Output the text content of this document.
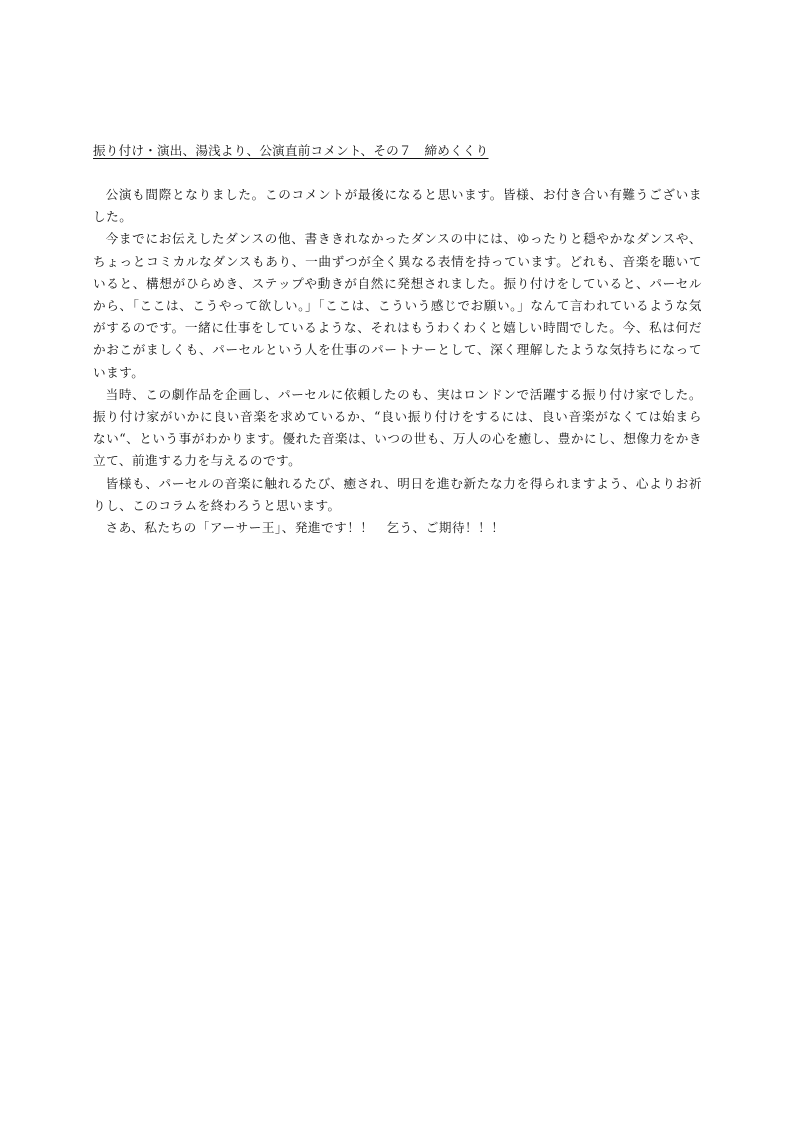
振り付け・演出、湯浅より、公演直前コメント、その７　締めくくり

公演も間際となりました。このコメントが最後になると思います。皆様、お付き合い有難うございました。

今までにお伝えしたダンスの他、書ききれなかったダンスの中には、ゆったりと穏やかなダンスや、ちょっとコミカルなダンスもあり、一曲ずつが全く異なる表情を持っています。どれも、音楽を聴いていると、構想がひらめき、ステップや動きが自然に発想されました。振り付けをしていると、パーセルから、「ここは、こうやって欲しい。」「ここは、こういう感じでお願い。」なんて言われているような気がするのです。一緒に仕事をしているような、それはもうわくわくと嬉しい時間でした。今、私は何だかおこがましくも、パーセルという人を仕事のパートナーとして、深く理解したような気持ちになっています。

当時、この劇作品を企画し、パーセルに依頼したのも、実はロンドンで活躍する振り付け家でした。振り付け家がいかに良い音楽を求めているか、“良い振り付けをするには、良い音楽がなくては始まらない“、という事がわかります。優れた音楽は、いつの世も、万人の心を癒し、豊かにし、想像力をかき立て、前進する力を与えるのです。

皆様も、パーセルの音楽に触れるたび、癒され、明日を進む新たな力を得られますよう、心よりお祈りし、このコラムを終わろうと思います。

さあ、私たちの「アーサー王」、発進です！！　乞う、ご期待！！！
